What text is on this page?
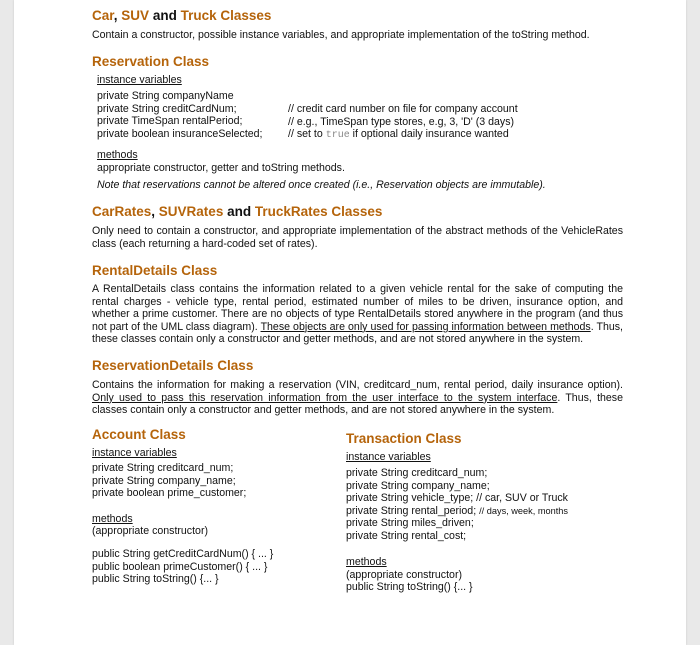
Car, SUV and Truck Classes
Contain a constructor, possible instance variables, and appropriate implementation of the toString method.
Reservation Class
instance variables
private String companyName
private String creditCardNum;
private TimeSpan rentalPeriod;
private boolean insuranceSelected;
// credit card number on file for company account
// e.g., TimeSpan type stores, e.g, 3, 'D' (3 days)
// set to true if optional daily insurance wanted
methods
appropriate constructor, getter and toString methods.
Note that reservations cannot be altered once created (i.e., Reservation objects are immutable).
CarRates, SUVRates and TruckRates Classes
Only need to contain a constructor, and appropriate implementation of the abstract methods of the VehicleRates class (each returning a hard-coded set of rates).
RentalDetails Class
A RentalDetails class contains the information related to a given vehicle rental for the sake of computing the rental charges - vehicle type, rental period, estimated number of miles to be driven, insurance option, and whether a prime customer. There are no objects of type RentalDetails stored anywhere in the program (and thus not part of the UML class diagram). These objects are only used for passing information between methods. Thus, these classes contain only a constructor and getter methods, and are not stored anywhere in the system.
ReservationDetails Class
Contains the information for making a reservation (VIN, creditcard_num, rental period, daily insurance option). Only used to pass this reservation information from the user interface to the system interface. Thus, these classes contain only a constructor and getter methods, and are not stored anywhere in the system.
Account Class
instance variables
private String creditcard_num;
private String company_name;
private boolean prime_customer;
methods
(appropriate constructor)
public String getCreditCardNum() { ... }
public boolean primeCustomer() { ... }
public String toString() {... }
Transaction Class
instance variables
private String creditcard_num;
private String company_name;
private String vehicle_type; // car, SUV or Truck
private String rental_period; // days, week, months
private String miles_driven;
private String rental_cost;
methods
(appropriate constructor)
public String toString() {... }
